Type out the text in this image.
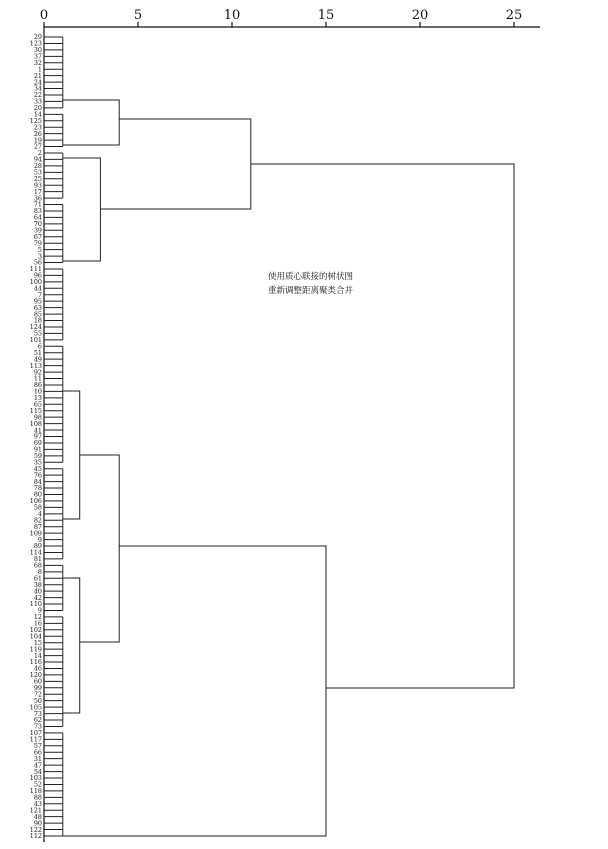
0	5	10	15	20	25
29
123
30
37
32
1
21
24
34
22
33
20
14
125
23
26
19
27
2
94
28
53
25
93
17
36
71
83
64
70
39
67
79
5
3
56
111
96
100
44
7
95
63
85
18
124
55
101
6
51
49
113
92
11
86
10
13
65
115
98
108
41
97
69
91
59
35
45
76
84
78
80
106
58
4
82
87
109
9
89
114
81
68
8
61
38
40
42
110
9
12
16
102
104
15
119
14
116
46
120
60
99
72
50
105
73
62
73
107
117
57
66
31
47
54
103
52
118
88
43
121
48
90
122
112
使用质心联接的树状图
重新调整距离聚类合并
